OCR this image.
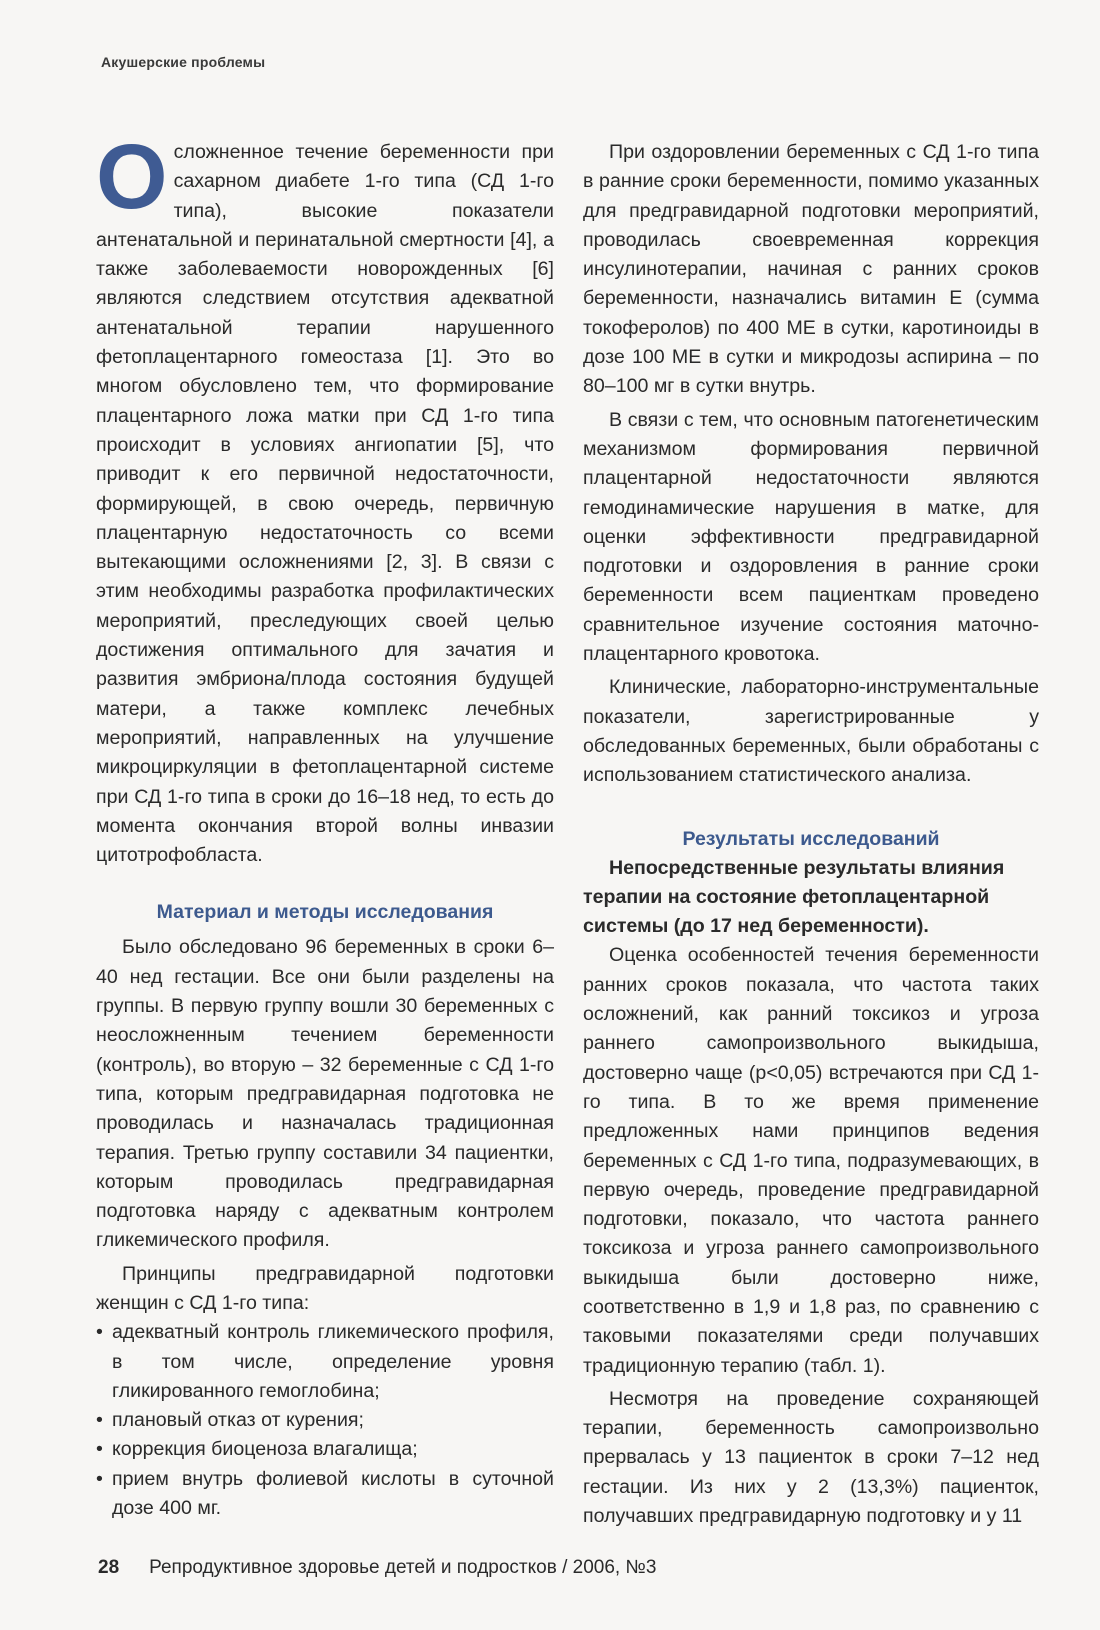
Акушерские проблемы

Осложненное течение беременности при сахарном диабете 1-го типа (СД 1-го типа), высокие показатели антенатальной и перинатальной смертности [4], а также заболеваемости новорожденных [6] являются следствием отсутствия адекватной антенатальной терапии нарушенного фетоплацентарного гомеостаза [1]. Это во многом обусловлено тем, что формирование плацентарного ложа матки при СД 1-го типа происходит в условиях ангиопатии [5], что приводит к его первичной недостаточности, формирующей, в свою очередь, первичную плацентарную недостаточность со всеми вытекающими осложнениями [2, 3]. В связи с этим необходимы разработка профилактических мероприятий, преследующих своей целью достижения оптимального для зачатия и развития эмбриона/плода состояния будущей матери, а также комплекс лечебных мероприятий, направленных на улучшение микроциркуляции в фетоплацентарной системе при СД 1-го типа в сроки до 16–18 нед, то есть до момента окончания второй волны инвазии цитотрофобласта.

Материал и методы исследования

Было обследовано 96 беременных в сроки 6–40 нед гестации. Все они были разделены на группы. В первую группу вошли 30 беременных с неосложненным течением беременности (контроль), во вторую – 32 беременные с СД 1-го типа, которым предгравидарная подготовка не проводилась и назначалась традиционная терапия. Третью группу составили 34 пациентки, которым проводилась предгравидарная подготовка наряду с адекватным контролем гликемического профиля.

Принципы предгравидарной подготовки женщин с СД 1-го типа:

• адекватный контроль гликемического профиля, в том числе, определение уровня гликированного гемоглобина;
• плановый отказ от курения;
• коррекция биоценоза влагалища;
• прием внутрь фолиевой кислоты в суточной дозе 400 мг.

При оздоровлении беременных с СД 1-го типа в ранние сроки беременности, помимо указанных для предгравидарной подготовки мероприятий, проводилась своевременная коррекция инсулинотерапии, начиная с ранних сроков беременности, назначались витамин Е (сумма токоферолов) по 400 МЕ в сутки, каротиноиды в дозе 100 МЕ в сутки и микродозы аспирина – по 80–100 мг в сутки внутрь.

В связи с тем, что основным патогенетическим механизмом формирования первичной плацентарной недостаточности являются гемодинамические нарушения в матке, для оценки эффективности предгравидарной подготовки и оздоровления в ранние сроки беременности всем пациенткам проведено сравнительное изучение состояния маточно-плацентарного кровотока.

Клинические, лабораторно-инструментальные показатели, зарегистрированные у обследованных беременных, были обработаны с использованием статистического анализа.

Результаты исследований

Непосредственные результаты влияния терапии на состояние фетоплацентарной системы (до 17 нед беременности).

Оценка особенностей течения беременности ранних сроков показала, что частота таких осложнений, как ранний токсикоз и угроза раннего самопроизвольного выкидыша, достоверно чаще (р<0,05) встречаются при СД 1-го типа. В то же время применение предложенных нами принципов ведения беременных с СД 1-го типа, подразумевающих, в первую очередь, проведение предгравидарной подготовки, показало, что частота раннего токсикоза и угроза раннего самопроизвольного выкидыша были достоверно ниже, соответственно в 1,9 и 1,8 раз, по сравнению с таковыми показателями среди получавших традиционную терапию (табл. 1).

Несмотря на проведение сохраняющей терапии, беременность самопроизвольно прервалась у 13 пациенток в сроки 7–12 нед гестации. Из них у 2 (13,3%) пациенток, получавших предгравидарную подготовку и у 11

28 Репродуктивное здоровье детей и подростков / 2006, №3
